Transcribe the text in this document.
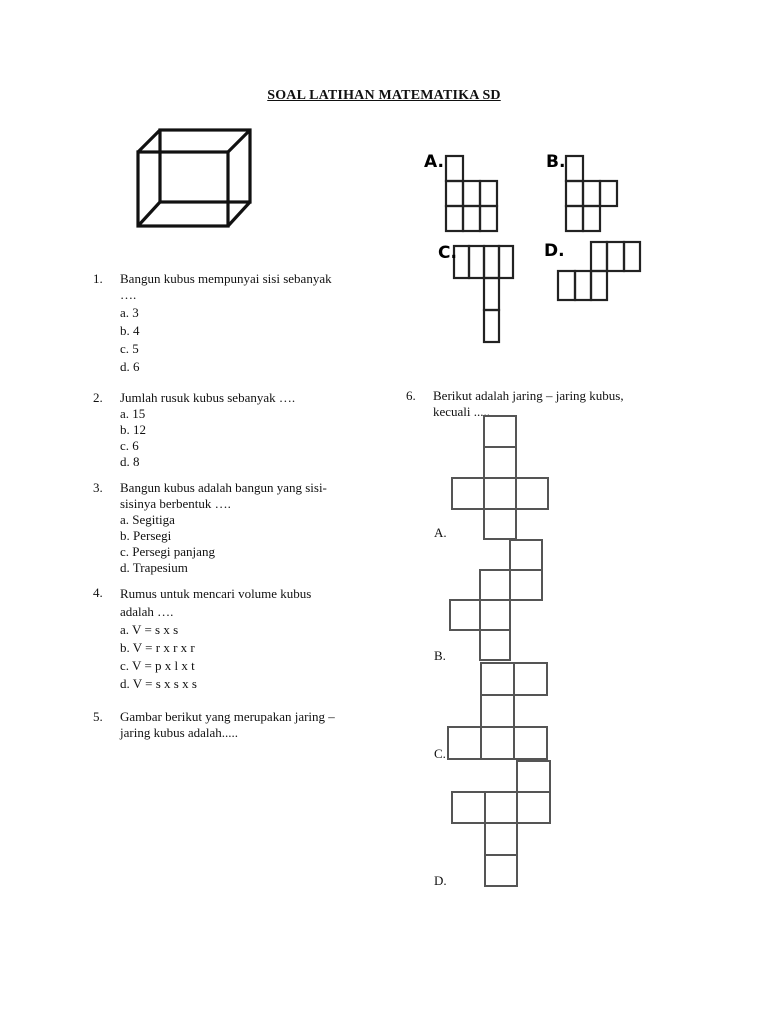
SOAL LATIHAN MATEMATIKA SD
1. Bangun kubus mempunyai sisi sebanyak
….
a. 3
b. 4
c. 5
d. 6
2. Jumlah rusuk kubus sebanyak ….
a. 15
b. 12
c. 6
d. 8
3. Bangun kubus adalah bangun yang sisi-
sisinya berbentuk ….
a. Segitiga
b. Persegi
c. Persegi panjang
d. Trapesium
4. Rumus untuk mencari volume kubus
adalah ….
a. V = s x s
b. V = r x r x r
c. V = p x l x t
d. V = s x s x s
5. Gambar berikut yang merupakan jaring –
jaring kubus adalah.....
A.	B.
C.	D.
6. Berikut adalah jaring – jaring kubus,
kecuali .....
A.
B.
C.
D.
